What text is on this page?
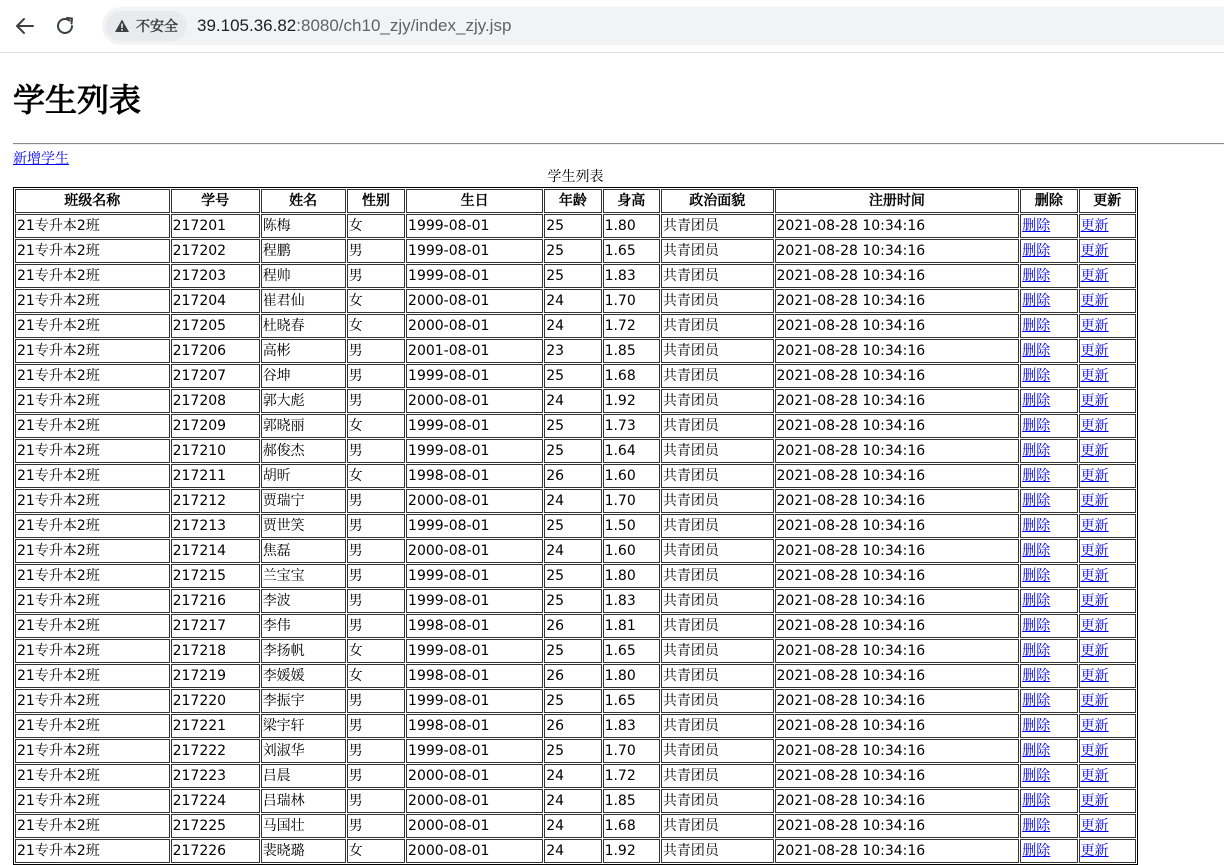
不安全 39.105.36.82:8080/ch10_zjy/index_zjy.jsp
学生列表
新增学生
学生列表
班级名称	学号	姓名	性别	生日	年龄	身高	政治面貌	注册时间	删除	更新
21专升本2班	217201	陈梅	女	1999-08-01	25	1.80	共青团员	2021-08-28 10:34:16	删除	更新
21专升本2班	217202	程鹏	男	1999-08-01	25	1.65	共青团员	2021-08-28 10:34:16	删除	更新
21专升本2班	217203	程帅	男	1999-08-01	25	1.83	共青团员	2021-08-28 10:34:16	删除	更新
21专升本2班	217204	崔君仙	女	2000-08-01	24	1.70	共青团员	2021-08-28 10:34:16	删除	更新
21专升本2班	217205	杜晓春	女	2000-08-01	24	1.72	共青团员	2021-08-28 10:34:16	删除	更新
21专升本2班	217206	高彬	男	2001-08-01	23	1.85	共青团员	2021-08-28 10:34:16	删除	更新
21专升本2班	217207	谷坤	男	1999-08-01	25	1.68	共青团员	2021-08-28 10:34:16	删除	更新
21专升本2班	217208	郭大彪	男	2000-08-01	24	1.92	共青团员	2021-08-28 10:34:16	删除	更新
21专升本2班	217209	郭晓丽	女	1999-08-01	25	1.73	共青团员	2021-08-28 10:34:16	删除	更新
21专升本2班	217210	郝俊杰	男	1999-08-01	25	1.64	共青团员	2021-08-28 10:34:16	删除	更新
21专升本2班	217211	胡昕	女	1998-08-01	26	1.60	共青团员	2021-08-28 10:34:16	删除	更新
21专升本2班	217212	贾瑞宁	男	2000-08-01	24	1.70	共青团员	2021-08-28 10:34:16	删除	更新
21专升本2班	217213	贾世笑	男	1999-08-01	25	1.50	共青团员	2021-08-28 10:34:16	删除	更新
21专升本2班	217214	焦磊	男	2000-08-01	24	1.60	共青团员	2021-08-28 10:34:16	删除	更新
21专升本2班	217215	兰宝宝	男	1999-08-01	25	1.80	共青团员	2021-08-28 10:34:16	删除	更新
21专升本2班	217216	李波	男	1999-08-01	25	1.83	共青团员	2021-08-28 10:34:16	删除	更新
21专升本2班	217217	李伟	男	1998-08-01	26	1.81	共青团员	2021-08-28 10:34:16	删除	更新
21专升本2班	217218	李扬帆	女	1999-08-01	25	1.65	共青团员	2021-08-28 10:34:16	删除	更新
21专升本2班	217219	李媛媛	女	1998-08-01	26	1.80	共青团员	2021-08-28 10:34:16	删除	更新
21专升本2班	217220	李振宇	男	1999-08-01	25	1.65	共青团员	2021-08-28 10:34:16	删除	更新
21专升本2班	217221	梁宇轩	男	1998-08-01	26	1.83	共青团员	2021-08-28 10:34:16	删除	更新
21专升本2班	217222	刘淑华	男	1999-08-01	25	1.70	共青团员	2021-08-28 10:34:16	删除	更新
21专升本2班	217223	吕晨	男	2000-08-01	24	1.72	共青团员	2021-08-28 10:34:16	删除	更新
21专升本2班	217224	吕瑞林	男	2000-08-01	24	1.85	共青团员	2021-08-28 10:34:16	删除	更新
21专升本2班	217225	马国壮	男	2000-08-01	24	1.68	共青团员	2021-08-28 10:34:16	删除	更新
21专升本2班	217226	裴晓璐	女	2000-08-01	24	1.92	共青团员	2021-08-28 10:34:16	删除	更新
